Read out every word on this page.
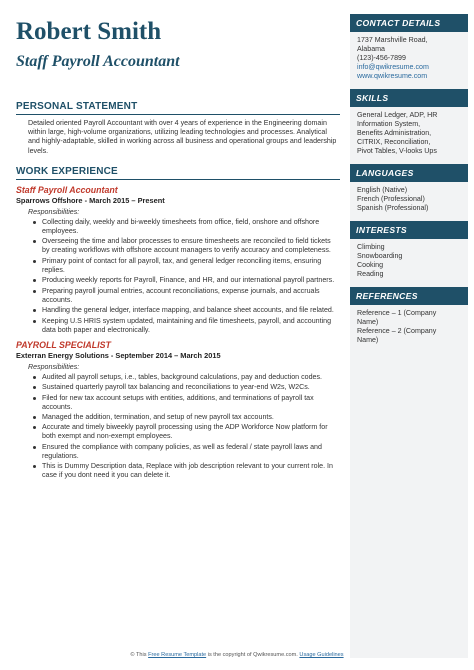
Robert Smith
Staff Payroll Accountant
PERSONAL STATEMENT
Detailed oriented Payroll Accountant with over 4 years of experience in the Engineering domain within large, high-volume organizations, utilizing leading technologies and processes. Analytical and highly-adaptable, skilled in working across all business and operational groups and leadership levels.
WORK EXPERIENCE
Staff Payroll Accountant
Sparrows Offshore - March 2015 – Present
Responsibilities:
Collecting daily, weekly and bi-weekly timesheets from office, field, onshore and offshore employees.
Overseeing the time and labor processes to ensure timesheets are reconciled to field tickets by creating workflows with offshore account managers to verify accuracy and completeness.
Primary point of contact for all payroll, tax, and general ledger reconciling items, ensuring replies.
Producing weekly reports for Payroll, Finance, and HR, and our international payroll partners.
Preparing payroll journal entries, account reconciliations, expense journals, and accruals accounts.
Handling the general ledger, interface mapping, and balance sheet accounts, and file related.
Keeping U.S HRIS system updated, maintaining and file timesheets, payroll, and accounting data both paper and electronically.
PAYROLL SPECIALIST
Exterran Energy Solutions - September 2014 – March 2015
Responsibilities:
Audited all payroll setups, i.e., tables, background calculations, pay and deduction codes.
Sustained quarterly payroll tax balancing and reconciliations to year-end W2s, W2Cs.
Filed for new tax account setups with entities, additions, and terminations of payroll tax accounts.
Managed the addition, termination, and setup of new payroll tax accounts.
Accurate and timely biweekly payroll processing using the ADP Workforce Now platform for both exempt and non-exempt employees.
Ensured the compliance with company policies, as well as federal / state payroll laws and regulations.
This is Dummy Description data, Replace with job description relevant to your current role. In case if you dont need it you can delete it.
CONTACT DETAILS
1737 Marshville Road,
Alabama
(123)-456-7899
info@qwikresume.com
www.qwikresume.com
SKILLS
General Ledger, ADP, HR
Information System,
Benefits Administration,
CITRIX, Reconciliation,
Pivot Tables, V-looks Ups
LANGUAGES
English (Native)
French (Professional)
Spanish (Professional)
INTERESTS
Climbing
Snowboarding
Cooking
Reading
REFERENCES
Reference – 1 (Company
Name)
Reference – 2 (Company
Name)
© This Free Resume Template is the copyright of Qwikresume.com. Usage Guidelines
